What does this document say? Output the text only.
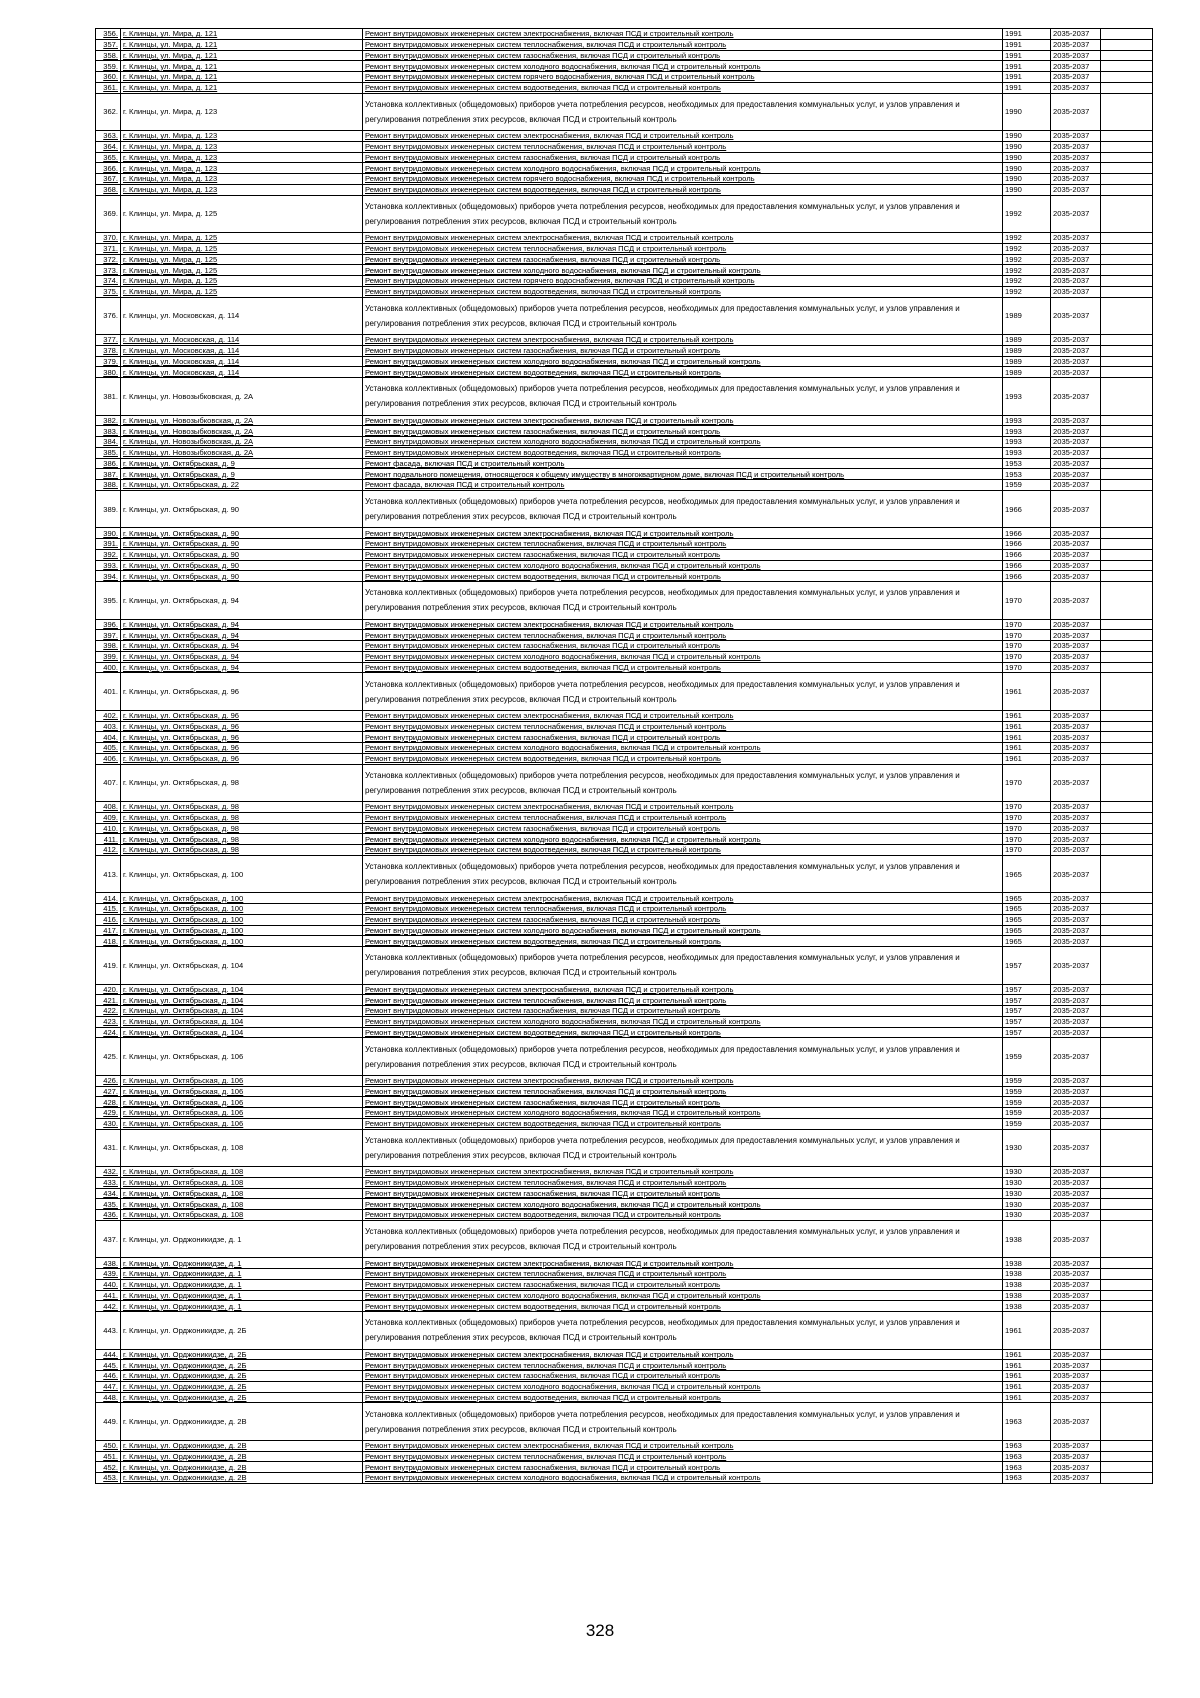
356.	г. Клинцы, ул. Мира, д. 121	Ремонт внутридомовых инженерных систем электроснабжения, включая ПСД и строительный контроль	1991	2035-2037	
357.	г. Клинцы, ул. Мира, д. 121	Ремонт внутридомовых инженерных систем теплоснабжения, включая ПСД и строительный контроль	1991	2035-2037	
358.	г. Клинцы, ул. Мира, д. 121	Ремонт внутридомовых инженерных систем газоснабжения, включая ПСД и строительный контроль	1991	2035-2037	
359.	г. Клинцы, ул. Мира, д. 121	Ремонт внутридомовых инженерных систем холодного водоснабжения, включая ПСД и строительный контроль	1991	2035-2037	
360.	г. Клинцы, ул. Мира, д. 121	Ремонт внутридомовых инженерных систем горячего водоснабжения, включая ПСД и строительный контроль	1991	2035-2037	
361.	г. Клинцы, ул. Мира, д. 121	Ремонт внутридомовых инженерных систем водоотведения, включая ПСД и строительный контроль	1991	2035-2037	
362.	г. Клинцы, ул. Мира, д. 123	Установка коллективных (общедомовых) приборов учета потребления ресурсов, необходимых для предоставления коммунальных услуг, и узлов управления и регулирования потребления этих ресурсов, включая ПСД и строительный контроль	1990	2035-2037	
363.	г. Клинцы, ул. Мира, д. 123	Ремонт внутридомовых инженерных систем электроснабжения, включая ПСД и строительный контроль	1990	2035-2037	
364.	г. Клинцы, ул. Мира, д. 123	Ремонт внутридомовых инженерных систем теплоснабжения, включая ПСД и строительный контроль	1990	2035-2037	
365.	г. Клинцы, ул. Мира, д. 123	Ремонт внутридомовых инженерных систем газоснабжения, включая ПСД и строительный контроль	1990	2035-2037	
366.	г. Клинцы, ул. Мира, д. 123	Ремонт внутридомовых инженерных систем холодного водоснабжения, включая ПСД и строительный контроль	1990	2035-2037	
367.	г. Клинцы, ул. Мира, д. 123	Ремонт внутридомовых инженерных систем горячего водоснабжения, включая ПСД и строительный контроль	1990	2035-2037	
368.	г. Клинцы, ул. Мира, д. 123	Ремонт внутридомовых инженерных систем водоотведения, включая ПСД и строительный контроль	1990	2035-2037	
369.	г. Клинцы, ул. Мира, д. 125	Установка коллективных (общедомовых) приборов учета потребления ресурсов, необходимых для предоставления коммунальных услуг, и узлов управления и регулирования потребления этих ресурсов, включая ПСД и строительный контроль	1992	2035-2037	
370.	г. Клинцы, ул. Мира, д. 125	Ремонт внутридомовых инженерных систем электроснабжения, включая ПСД и строительный контроль	1992	2035-2037	
371.	г. Клинцы, ул. Мира, д. 125	Ремонт внутридомовых инженерных систем теплоснабжения, включая ПСД и строительный контроль	1992	2035-2037	
372.	г. Клинцы, ул. Мира, д. 125	Ремонт внутридомовых инженерных систем газоснабжения, включая ПСД и строительный контроль	1992	2035-2037	
373.	г. Клинцы, ул. Мира, д. 125	Ремонт внутридомовых инженерных систем холодного водоснабжения, включая ПСД и строительный контроль	1992	2035-2037	
374.	г. Клинцы, ул. Мира, д. 125	Ремонт внутридомовых инженерных систем горячего водоснабжения, включая ПСД и строительный контроль	1992	2035-2037	
375.	г. Клинцы, ул. Мира, д. 125	Ремонт внутридомовых инженерных систем водоотведения, включая ПСД и строительный контроль	1992	2035-2037	
376.	г. Клинцы, ул. Московская, д. 114	Установка коллективных (общедомовых) приборов учета потребления ресурсов, необходимых для предоставления коммунальных услуг, и узлов управления и регулирования потребления этих ресурсов, включая ПСД и строительный контроль	1989	2035-2037	
377.	г. Клинцы, ул. Московская, д. 114	Ремонт внутридомовых инженерных систем электроснабжения, включая ПСД и строительный контроль	1989	2035-2037	
378.	г. Клинцы, ул. Московская, д. 114	Ремонт внутридомовых инженерных систем газоснабжения, включая ПСД и строительный контроль	1989	2035-2037	
379.	г. Клинцы, ул. Московская, д. 114	Ремонт внутридомовых инженерных систем холодного водоснабжения, включая ПСД и строительный контроль	1989	2035-2037	
380.	г. Клинцы, ул. Московская, д. 114	Ремонт внутридомовых инженерных систем водоотведения, включая ПСД и строительный контроль	1989	2035-2037	
381.	г. Клинцы, ул. Новозыбковская, д. 2А	Установка коллективных (общедомовых) приборов учета потребления ресурсов, необходимых для предоставления коммунальных услуг, и узлов управления и регулирования потребления этих ресурсов, включая ПСД и строительный контроль	1993	2035-2037	
382.	г. Клинцы, ул. Новозыбковская, д. 2А	Ремонт внутридомовых инженерных систем электроснабжения, включая ПСД и строительный контроль	1993	2035-2037	
383.	г. Клинцы, ул. Новозыбковская, д. 2А	Ремонт внутридомовых инженерных систем газоснабжения, включая ПСД и строительный контроль	1993	2035-2037	
384.	г. Клинцы, ул. Новозыбковская, д. 2А	Ремонт внутридомовых инженерных систем холодного водоснабжения, включая ПСД и строительный контроль	1993	2035-2037	
385.	г. Клинцы, ул. Новозыбковская, д. 2А	Ремонт внутридомовых инженерных систем водоотведения, включая ПСД и строительный контроль	1993	2035-2037	
386.	г. Клинцы, ул. Октябрьская, д. 9	Ремонт фасада, включая ПСД и строительный контроль	1953	2035-2037	
387.	г. Клинцы, ул. Октябрьская, д. 9	Ремонт подвального помещения, относящегося к общему имуществу в многоквартирном доме, включая ПСД и строительный контроль	1953	2035-2037	
388.	г. Клинцы, ул. Октябрьская, д. 22	Ремонт фасада, включая ПСД и строительный контроль	1959	2035-2037	
389.	г. Клинцы, ул. Октябрьская, д. 90	Установка коллективных (общедомовых) приборов учета потребления ресурсов, необходимых для предоставления коммунальных услуг, и узлов управления и регулирования потребления этих ресурсов, включая ПСД и строительный контроль	1966	2035-2037	
390.	г. Клинцы, ул. Октябрьская, д. 90	Ремонт внутридомовых инженерных систем электроснабжения, включая ПСД и строительный контроль	1966	2035-2037	
391.	г. Клинцы, ул. Октябрьская, д. 90	Ремонт внутридомовых инженерных систем теплоснабжения, включая ПСД и строительный контроль	1966	2035-2037	
392.	г. Клинцы, ул. Октябрьская, д. 90	Ремонт внутридомовых инженерных систем газоснабжения, включая ПСД и строительный контроль	1966	2035-2037	
393.	г. Клинцы, ул. Октябрьская, д. 90	Ремонт внутридомовых инженерных систем холодного водоснабжения, включая ПСД и строительный контроль	1966	2035-2037	
394.	г. Клинцы, ул. Октябрьская, д. 90	Ремонт внутридомовых инженерных систем водоотведения, включая ПСД и строительный контроль	1966	2035-2037	
395.	г. Клинцы, ул. Октябрьская, д. 94	Установка коллективных (общедомовых) приборов учета потребления ресурсов, необходимых для предоставления коммунальных услуг, и узлов управления и регулирования потребления этих ресурсов, включая ПСД и строительный контроль	1970	2035-2037	
396.	г. Клинцы, ул. Октябрьская, д. 94	Ремонт внутридомовых инженерных систем электроснабжения, включая ПСД и строительный контроль	1970	2035-2037	
397.	г. Клинцы, ул. Октябрьская, д. 94	Ремонт внутридомовых инженерных систем теплоснабжения, включая ПСД и строительный контроль	1970	2035-2037	
398.	г. Клинцы, ул. Октябрьская, д. 94	Ремонт внутридомовых инженерных систем газоснабжения, включая ПСД и строительный контроль	1970	2035-2037	
399.	г. Клинцы, ул. Октябрьская, д. 94	Ремонт внутридомовых инженерных систем холодного водоснабжения, включая ПСД и строительный контроль	1970	2035-2037	
400.	г. Клинцы, ул. Октябрьская, д. 94	Ремонт внутридомовых инженерных систем водоотведения, включая ПСД и строительный контроль	1970	2035-2037	
401.	г. Клинцы, ул. Октябрьская, д. 96	Установка коллективных (общедомовых) приборов учета потребления ресурсов, необходимых для предоставления коммунальных услуг, и узлов управления и регулирования потребления этих ресурсов, включая ПСД и строительный контроль	1961	2035-2037	
402.	г. Клинцы, ул. Октябрьская, д. 96	Ремонт внутридомовых инженерных систем электроснабжения, включая ПСД и строительный контроль	1961	2035-2037	
403.	г. Клинцы, ул. Октябрьская, д. 96	Ремонт внутридомовых инженерных систем теплоснабжения, включая ПСД и строительный контроль	1961	2035-2037	
404.	г. Клинцы, ул. Октябрьская, д. 96	Ремонт внутридомовых инженерных систем газоснабжения, включая ПСД и строительный контроль	1961	2035-2037	
405.	г. Клинцы, ул. Октябрьская, д. 96	Ремонт внутридомовых инженерных систем холодного водоснабжения, включая ПСД и строительный контроль	1961	2035-2037	
406.	г. Клинцы, ул. Октябрьская, д. 96	Ремонт внутридомовых инженерных систем водоотведения, включая ПСД и строительный контроль	1961	2035-2037	
407.	г. Клинцы, ул. Октябрьская, д. 98	Установка коллективных (общедомовых) приборов учета потребления ресурсов, необходимых для предоставления коммунальных услуг, и узлов управления и регулирования потребления этих ресурсов, включая ПСД и строительный контроль	1970	2035-2037	
408.	г. Клинцы, ул. Октябрьская, д. 98	Ремонт внутридомовых инженерных систем электроснабжения, включая ПСД и строительный контроль	1970	2035-2037	
409.	г. Клинцы, ул. Октябрьская, д. 98	Ремонт внутридомовых инженерных систем теплоснабжения, включая ПСД и строительный контроль	1970	2035-2037	
410.	г. Клинцы, ул. Октябрьская, д. 98	Ремонт внутридомовых инженерных систем газоснабжения, включая ПСД и строительный контроль	1970	2035-2037	
411.	г. Клинцы, ул. Октябрьская, д. 98	Ремонт внутридомовых инженерных систем холодного водоснабжения, включая ПСД и строительный контроль	1970	2035-2037	
412.	г. Клинцы, ул. Октябрьская, д. 98	Ремонт внутридомовых инженерных систем водоотведения, включая ПСД и строительный контроль	1970	2035-2037	
413.	г. Клинцы, ул. Октябрьская, д. 100	Установка коллективных (общедомовых) приборов учета потребления ресурсов, необходимых для предоставления коммунальных услуг, и узлов управления и регулирования потребления этих ресурсов, включая ПСД и строительный контроль	1965	2035-2037	
414.	г. Клинцы, ул. Октябрьская, д. 100	Ремонт внутридомовых инженерных систем электроснабжения, включая ПСД и строительный контроль	1965	2035-2037	
415.	г. Клинцы, ул. Октябрьская, д. 100	Ремонт внутридомовых инженерных систем теплоснабжения, включая ПСД и строительный контроль	1965	2035-2037	
416.	г. Клинцы, ул. Октябрьская, д. 100	Ремонт внутридомовых инженерных систем газоснабжения, включая ПСД и строительный контроль	1965	2035-2037	
417.	г. Клинцы, ул. Октябрьская, д. 100	Ремонт внутридомовых инженерных систем холодного водоснабжения, включая ПСД и строительный контроль	1965	2035-2037	
418.	г. Клинцы, ул. Октябрьская, д. 100	Ремонт внутридомовых инженерных систем водоотведения, включая ПСД и строительный контроль	1965	2035-2037	
419.	г. Клинцы, ул. Октябрьская, д. 104	Установка коллективных (общедомовых) приборов учета потребления ресурсов, необходимых для предоставления коммунальных услуг, и узлов управления и регулирования потребления этих ресурсов, включая ПСД и строительный контроль	1957	2035-2037	
420.	г. Клинцы, ул. Октябрьская, д. 104	Ремонт внутридомовых инженерных систем электроснабжения, включая ПСД и строительный контроль	1957	2035-2037	
421.	г. Клинцы, ул. Октябрьская, д. 104	Ремонт внутридомовых инженерных систем теплоснабжения, включая ПСД и строительный контроль	1957	2035-2037	
422.	г. Клинцы, ул. Октябрьская, д. 104	Ремонт внутридомовых инженерных систем газоснабжения, включая ПСД и строительный контроль	1957	2035-2037	
423.	г. Клинцы, ул. Октябрьская, д. 104	Ремонт внутридомовых инженерных систем холодного водоснабжения, включая ПСД и строительный контроль	1957	2035-2037	
424.	г. Клинцы, ул. Октябрьская, д. 104	Ремонт внутридомовых инженерных систем водоотведения, включая ПСД и строительный контроль	1957	2035-2037	
425.	г. Клинцы, ул. Октябрьская, д. 106	Установка коллективных (общедомовых) приборов учета потребления ресурсов, необходимых для предоставления коммунальных услуг, и узлов управления и регулирования потребления этих ресурсов, включая ПСД и строительный контроль	1959	2035-2037	
426.	г. Клинцы, ул. Октябрьская, д. 106	Ремонт внутридомовых инженерных систем электроснабжения, включая ПСД и строительный контроль	1959	2035-2037	
427.	г. Клинцы, ул. Октябрьская, д. 106	Ремонт внутридомовых инженерных систем теплоснабжения, включая ПСД и строительный контроль	1959	2035-2037	
428.	г. Клинцы, ул. Октябрьская, д. 106	Ремонт внутридомовых инженерных систем газоснабжения, включая ПСД и строительный контроль	1959	2035-2037	
429.	г. Клинцы, ул. Октябрьская, д. 106	Ремонт внутридомовых инженерных систем холодного водоснабжения, включая ПСД и строительный контроль	1959	2035-2037	
430.	г. Клинцы, ул. Октябрьская, д. 106	Ремонт внутридомовых инженерных систем водоотведения, включая ПСД и строительный контроль	1959	2035-2037	
431.	г. Клинцы, ул. Октябрьская, д. 108	Установка коллективных (общедомовых) приборов учета потребления ресурсов, необходимых для предоставления коммунальных услуг, и узлов управления и регулирования потребления этих ресурсов, включая ПСД и строительный контроль	1930	2035-2037	
432.	г. Клинцы, ул. Октябрьская, д. 108	Ремонт внутридомовых инженерных систем электроснабжения, включая ПСД и строительный контроль	1930	2035-2037	
433.	г. Клинцы, ул. Октябрьская, д. 108	Ремонт внутридомовых инженерных систем теплоснабжения, включая ПСД и строительный контроль	1930	2035-2037	
434.	г. Клинцы, ул. Октябрьская, д. 108	Ремонт внутридомовых инженерных систем газоснабжения, включая ПСД и строительный контроль	1930	2035-2037	
435.	г. Клинцы, ул. Октябрьская, д. 108	Ремонт внутридомовых инженерных систем холодного водоснабжения, включая ПСД и строительный контроль	1930	2035-2037	
436.	г. Клинцы, ул. Октябрьская, д. 108	Ремонт внутридомовых инженерных систем водоотведения, включая ПСД и строительный контроль	1930	2035-2037	
437.	г. Клинцы, ул. Орджоникидзе, д. 1	Установка коллективных (общедомовых) приборов учета потребления ресурсов, необходимых для предоставления коммунальных услуг, и узлов управления и регулирования потребления этих ресурсов, включая ПСД и строительный контроль	1938	2035-2037	
438.	г. Клинцы, ул. Орджоникидзе, д. 1	Ремонт внутридомовых инженерных систем электроснабжения, включая ПСД и строительный контроль	1938	2035-2037	
439.	г. Клинцы, ул. Орджоникидзе, д. 1	Ремонт внутридомовых инженерных систем теплоснабжения, включая ПСД и строительный контроль	1938	2035-2037	
440.	г. Клинцы, ул. Орджоникидзе, д. 1	Ремонт внутридомовых инженерных систем газоснабжения, включая ПСД и строительный контроль	1938	2035-2037	
441.	г. Клинцы, ул. Орджоникидзе, д. 1	Ремонт внутридомовых инженерных систем холодного водоснабжения, включая ПСД и строительный контроль	1938	2035-2037	
442.	г. Клинцы, ул. Орджоникидзе, д. 1	Ремонт внутридомовых инженерных систем водоотведения, включая ПСД и строительный контроль	1938	2035-2037	
443.	г. Клинцы, ул. Орджоникидзе, д. 2Б	Установка коллективных (общедомовых) приборов учета потребления ресурсов, необходимых для предоставления коммунальных услуг, и узлов управления и регулирования потребления этих ресурсов, включая ПСД и строительный контроль	1961	2035-2037	
444.	г. Клинцы, ул. Орджоникидзе, д. 2Б	Ремонт внутридомовых инженерных систем электроснабжения, включая ПСД и строительный контроль	1961	2035-2037	
445.	г. Клинцы, ул. Орджоникидзе, д. 2Б	Ремонт внутридомовых инженерных систем теплоснабжения, включая ПСД и строительный контроль	1961	2035-2037	
446.	г. Клинцы, ул. Орджоникидзе, д. 2Б	Ремонт внутридомовых инженерных систем газоснабжения, включая ПСД и строительный контроль	1961	2035-2037	
447.	г. Клинцы, ул. Орджоникидзе, д. 2Б	Ремонт внутридомовых инженерных систем холодного водоснабжения, включая ПСД и строительный контроль	1961	2035-2037	
448.	г. Клинцы, ул. Орджоникидзе, д. 2Б	Ремонт внутридомовых инженерных систем водоотведения, включая ПСД и строительный контроль	1961	2035-2037	
449.	г. Клинцы, ул. Орджоникидзе, д. 2В	Установка коллективных (общедомовых) приборов учета потребления ресурсов, необходимых для предоставления коммунальных услуг, и узлов управления и регулирования потребления этих ресурсов, включая ПСД и строительный контроль	1963	2035-2037	
450.	г. Клинцы, ул. Орджоникидзе, д. 2В	Ремонт внутридомовых инженерных систем электроснабжения, включая ПСД и строительный контроль	1963	2035-2037	
451.	г. Клинцы, ул. Орджоникидзе, д. 2В	Ремонт внутридомовых инженерных систем теплоснабжения, включая ПСД и строительный контроль	1963	2035-2037	
452.	г. Клинцы, ул. Орджоникидзе, д. 2В	Ремонт внутридомовых инженерных систем газоснабжения, включая ПСД и строительный контроль	1963	2035-2037	
453.	г. Клинцы, ул. Орджоникидзе, д. 2В	Ремонт внутридомовых инженерных систем холодного водоснабжения, включая ПСД и строительный контроль	1963	2035-2037	
328
